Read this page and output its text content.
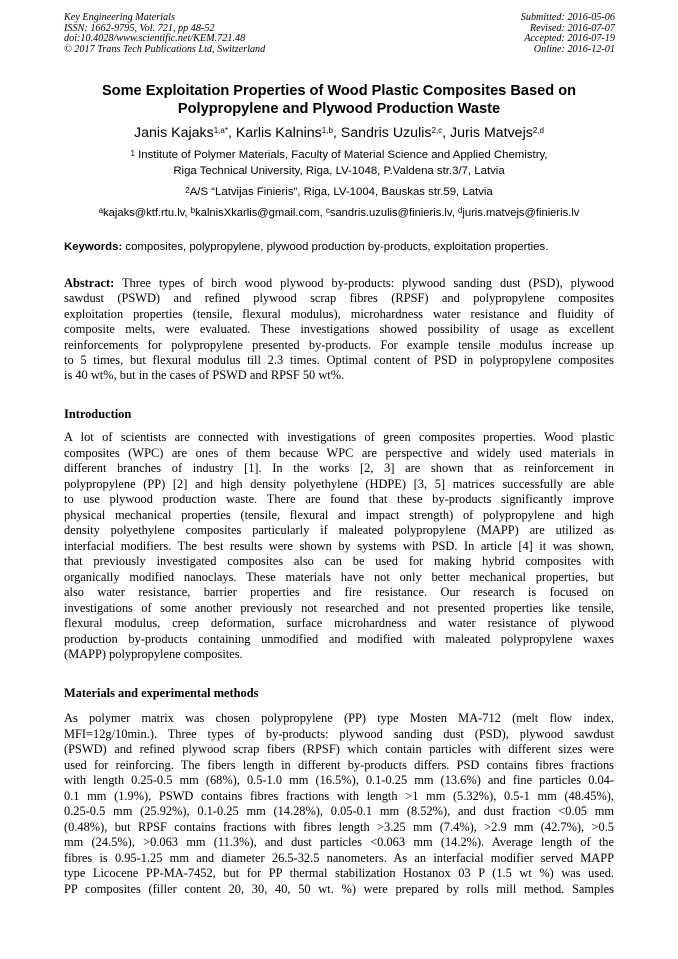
Key Engineering Materials
ISSN: 1662-9795, Vol. 721, pp 48-52
doi:10.4028/www.scientific.net/KEM.721.48
© 2017 Trans Tech Publications Ltd, Switzerland
Submitted: 2016-05-06
Revised: 2016-07-07
Accepted: 2016-07-19
Online: 2016-12-01
Some Exploitation Properties of Wood Plastic Composites Based on
Polypropylene and Plywood Production Waste
Janis Kajaks$^{1,a*}$, Karlis Kalnins$^{1,b}$, Sandris Uzulis$^{2,c}$, Juris Matvejs$^{2,d}$
$^1$ Institute of Polymer Materials, Faculty of Material Science and Applied Chemistry,
Riga Technical University, Riga, LV-1048, P.Valdena str.3/7, Latvia
$^2$A/S “Latvijas Finieris”, Riga, LV-1004, Bauskas str.59, Latvia
$^a$kajaks@ktf.rtu.lv, $^b$kalnisXkarlis@gmail.com, $^c$sandris.uzulis@finieris.lv, $^d$juris.matvejs@finieris.lv
Keywords: composites, polypropylene, plywood production by-products, exploitation properties.
Abstract: Three types of birch wood plywood by-products: plywood sanding dust (PSD), plywood
sawdust (PSWD) and refined plywood scrap fibres (RPSF) and polypropylene composites
exploitation properties (tensile, flexural modulus), microhardness water resistance and fluidity of
composite melts, were evaluated. These investigations showed possibility of usage as excellent
reinforcements for polypropylene presented by-products. For example tensile modulus increase up
to 5 times, but flexural modulus till 2.3 times. Optimal content of PSD in polypropylene composites
is 40 wt%, but in the cases of PSWD and RPSF 50 wt%.
Introduction
A lot of scientists are connected with investigations of green composites properties. Wood plastic
composites (WPC) are ones of them because WPC are perspective and widely used materials in
different branches of industry [1]. In the works [2, 3] are shown that as reinforcement in
polypropylene (PP) [2] and high density polyethylene (HDPE) [3, 5] matrices successfully are able
to use plywood production waste. There are found that these by-products significantly improve
physical mechanical properties (tensile, flexural and impact strength) of polypropylene and high
density polyethylene composites particularly if maleated polypropylene (MAPP) are utilized as
interfacial modifiers. The best results were shown by systems with PSD. In article [4] it was shown,
that previously investigated composites also can be used for making hybrid composites with
organically modified nanoclays. These materials have not only better mechanical properties, but
also water resistance, barrier properties and fire resistance. Our research is focused on
investigations of some another previously not researched and not presented properties like tensile,
flexural modulus, creep deformation, surface microhardness and water resistance of plywood
production by-products containing unmodified and modified with maleated polypropylene waxes
(MAPP) polypropylene composites.
Materials and experimental methods
As polymer matrix was chosen polypropylene (PP) type Mosten MA-712 (melt flow index,
MFI=12g/10min.). Three types of by-products: plywood sanding dust (PSD), plywood sawdust
(PSWD) and refined plywood scrap fibers (RPSF) which contain particles with different sizes were
used for reinforcing. The fibers length in different by-products differs. PSD contains fibres fractions
with length 0.25-0.5 mm (68%), 0.5-1.0 mm (16.5%), 0.1-0.25 mm (13.6%) and fine particles 0.04-
0.1 mm (1.9%), PSWD contains fibres fractions with length >1 mm (5.32%), 0.5-1 mm (48.45%),
0.25-0.5 mm (25.92%), 0.1-0.25 mm (14.28%), 0.05-0.1 mm (8.52%), and dust fraction <0.05 mm
(0.48%), but RPSF contains fractions with fibres length >3.25 mm (7.4%), >2.9 mm (42.7%), >0.5
mm (24.5%), >0.063 mm (11.3%), and dust particles <0.063 mm (14.2%). Average length of the
fibres is 0.95-1.25 mm and diameter 26.5-32.5 nanometers. As an interfacial modifier served MAPP
type Licocene PP-MA-7452, but for PP thermal stabilization Hostanox 03 P (1.5 wt %) was used.
PP composites (filler content 20, 30, 40, 50 wt. %) were prepared by rolls mill method. Samples
